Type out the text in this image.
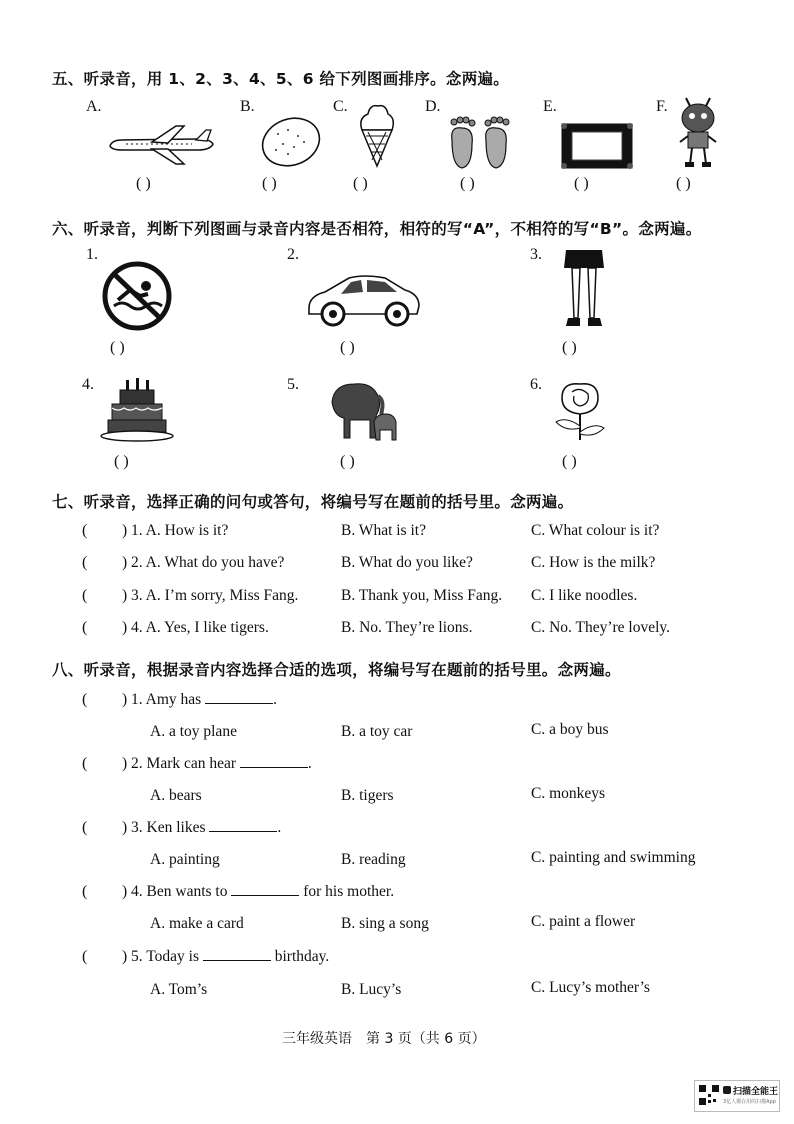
五、听录音，用 1、2、3、4、5、6 给下列图画排序。念两遍。
A.	B.	C.	D.	E.	F.
( )	( )	( )	( )	( )	( )
六、听录音，判断下列图画与录音内容是否相符，相符的写“A”，不相符的写“B”。念两遍。
1.	2.	3.
( )	( )	( )
4.	5.	6.
( )	( )	( )
七、听录音，选择正确的问句或答句，将编号写在题前的括号里。念两遍。
( ) 1. A. How is it?	B. What is it?	C. What colour is it?
( ) 2. A. What do you have?	B. What do you like?	C. How is the milk?
( ) 3. A. I’m sorry, Miss Fang.	B. Thank you, Miss Fang. C. I like noodles.
( ) 4. A. Yes, I like tigers.	B. No. They’re lions.	C. No. They’re lovely.
八、听录音，根据录音内容选择合适的选项，将编号写在题前的括号里。念两遍。
( ) 1. Amy has	.
A. a toy plane	B. a toy car	C. a boy bus
( ) 2. Mark can hear	.
A. bears	B. tigers	C. monkeys
( ) 3. Ken likes	.
A. painting	B. reading	C. painting and swimming
( ) 4. Ben wants to	for his mother.
A. make a card	B. sing a song	C. paint a flower
( ) 5. Today is	birthday.
A. Tom’s	B. Lucy’s	C. Lucy’s mother’s
三年级英语　第 3 页（共 6 页）
扫描全能王
3亿人都在用的扫描App
